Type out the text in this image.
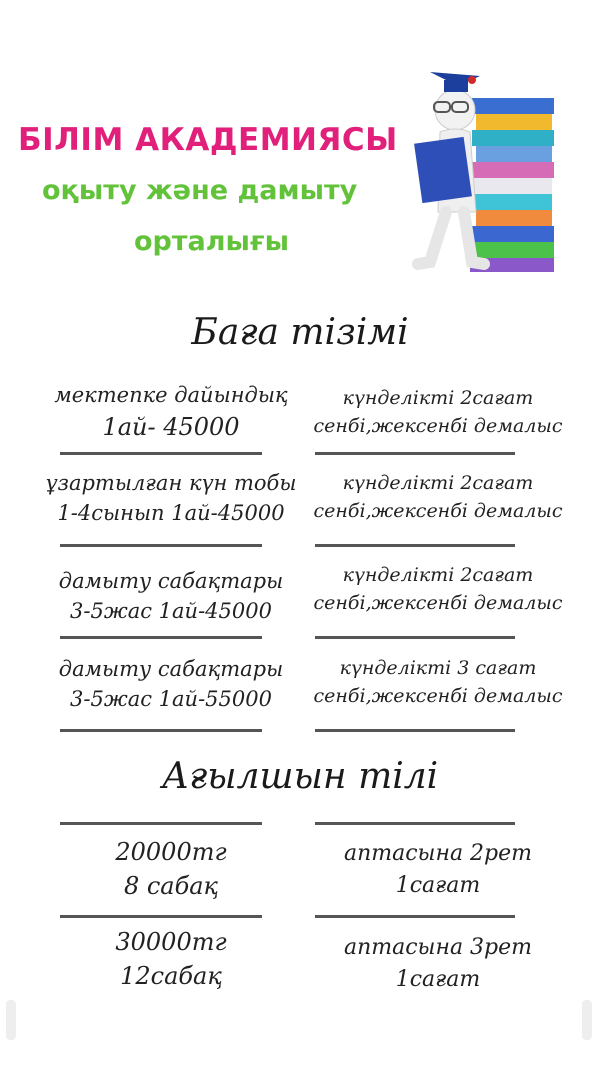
БІЛІМ АКАДЕМИЯСЫ
оқыту және дамыту
орталығы
Баға тізімі
мектепке дайындық
1ай- 45000
күнделікті 2сағат
сенбі,жексенбі демалыс
ұзартылған күн тобы
1-4сынып 1ай-45000
күнделікті 2сағат
сенбі,жексенбі демалыс
дамыту сабақтары
3-5жас 1ай-45000
күнделікті 2сағат
сенбі,жексенбі демалыс
дамыту сабақтары
3-5жас 1ай-55000
күнделікті 3 сағат
сенбі,жексенбі демалыс
Ағылшын тілі
20000тг
8 сабақ
аптасына 2рет
1сағат
30000тг
12сабақ
аптасына 3рет
1сағат
